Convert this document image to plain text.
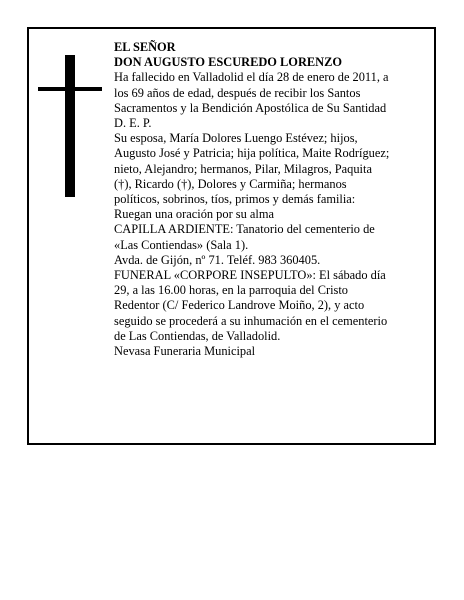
EL SEÑOR
DON AUGUSTO ESCUREDO LORENZO
Ha fallecido en Valladolid el día 28 de enero de 2011, a
los 69 años de edad, después de recibir los Santos
Sacramentos y la Bendición Apostólica de Su Santidad
D. E. P.
Su esposa, María Dolores Luengo Estévez; hijos,
Augusto José y Patricia; hija política, Maite Rodríguez;
nieto, Alejandro; hermanos, Pilar, Milagros, Paquita
(†), Ricardo (†), Dolores y Carmiña; hermanos
políticos, sobrinos, tíos, primos y demás familia:
Ruegan una oración por su alma
CAPILLA ARDIENTE: Tanatorio del cementerio de
«Las Contiendas» (Sala 1).
Avda. de Gijón, nº 71. Teléf. 983 360405.
FUNERAL «CORPORE INSEPULTO»: El sábado día
29, a las 16.00 horas, en la parroquia del Cristo
Redentor (C/ Federico Landrove Moiño, 2), y acto
seguido se procederá a su inhumación en el cementerio
de Las Contiendas, de Valladolid.
Nevasa Funeraria Municipal
